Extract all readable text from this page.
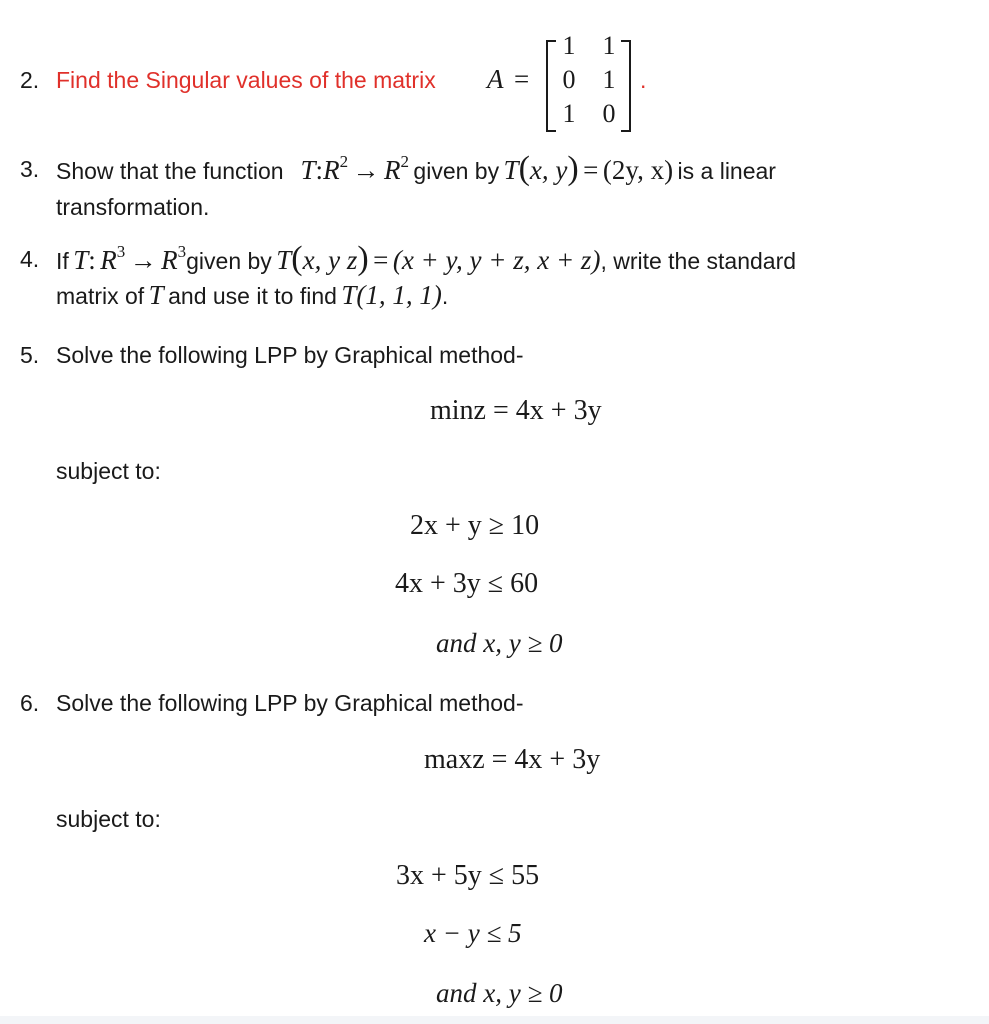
2. Find the Singular values of the matrix A =
1 1
0 1
1 0
.
3. Show that the function T:R2 → R2 given by T(x, y) = (2y, x) is a linear
transformation.
4. If T: R3 → R3given by T(x, y z) = (x + y, y + z, x + z), write the standard
matrix of T and use it to find T(1, 1, 1).
5. Solve the following LPP by Graphical method-
minz = 4x + 3y
subject to:
2x + y ≥ 10
4x + 3y ≤ 60
and x, y ≥ 0
6. Solve the following LPP by Graphical method-
maxz = 4x + 3y
subject to:
3x + 5y ≤ 55
x − y ≤ 5
and x, y ≥ 0
